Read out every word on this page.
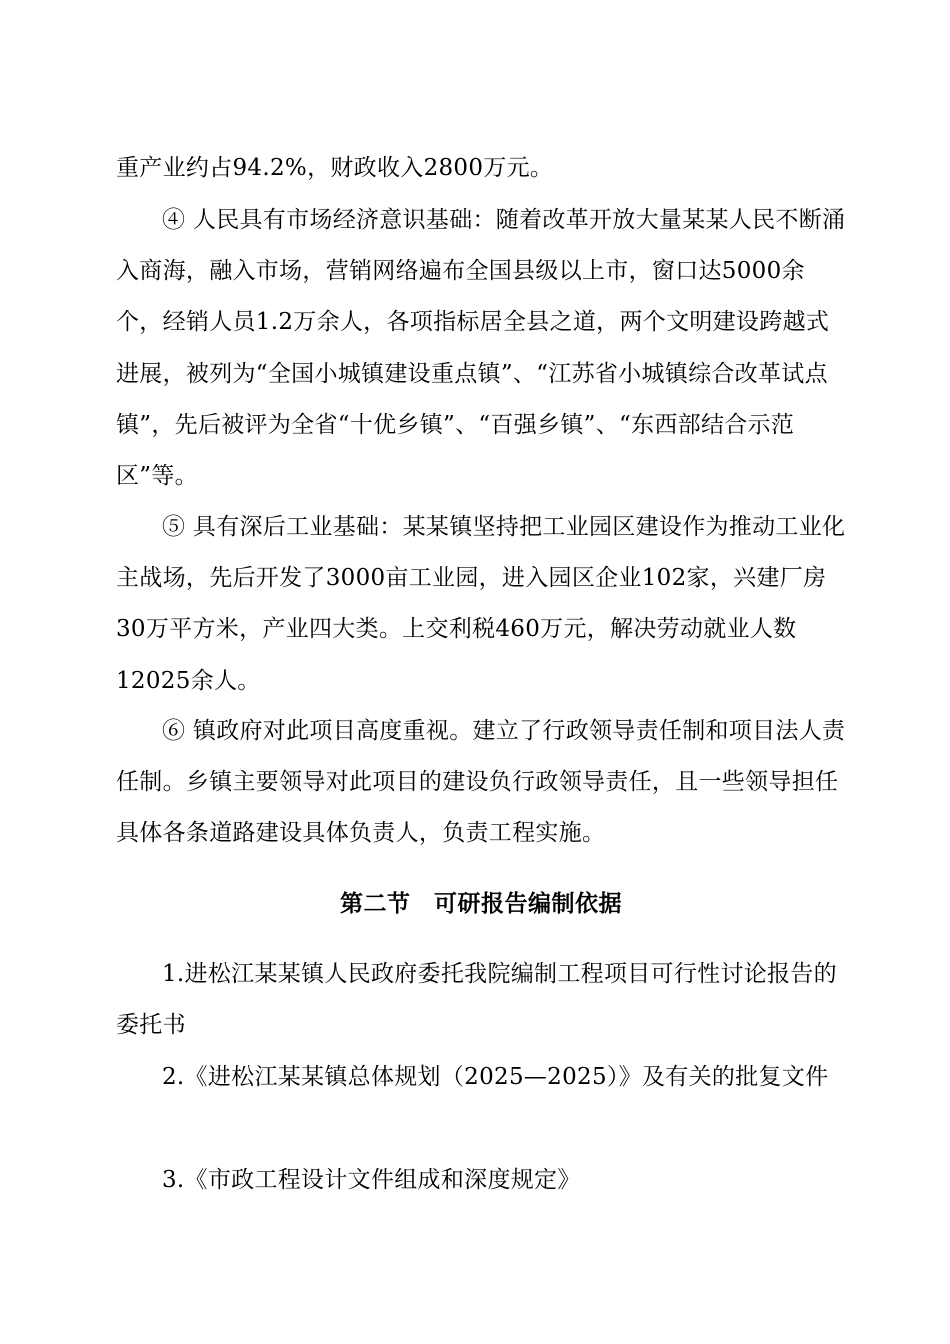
重产业约占94.2%，财政收入2800万元。

④ 人民具有市场经济意识基础：随着改革开放大量某某人民不断涌入商海，融入市场，营销网络遍布全国县级以上市，窗口达5000余个，经销人员1.2万余人，各项指标居全县之道，两个文明建设跨越式进展，被列为“全国小城镇建设重点镇”、“江苏省小城镇综合改革试点镇”，先后被评为全省“十优乡镇”、“百强乡镇”、“东西部结合示范区”等。

⑤ 具有深后工业基础：某某镇坚持把工业园区建设作为推动工业化主战场，先后开发了3000亩工业园，进入园区企业102家，兴建厂房30万平方米，产业四大类。上交利税460万元，解决劳动就业人数12025余人。

⑥ 镇政府对此项目高度重视。建立了行政领导责任制和项目法人责任制。乡镇主要领导对此项目的建设负行政领导责任，且一些领导担任具体各条道路建设具体负责人，负责工程实施。

第二节　可研报告编制依据

1.进松江某某镇人民政府委托我院编制工程项目可行性讨论报告的委托书

2.《进松江某某镇总体规划（2025—2025）》及有关的批复文件

3.《市政工程设计文件组成和深度规定》
